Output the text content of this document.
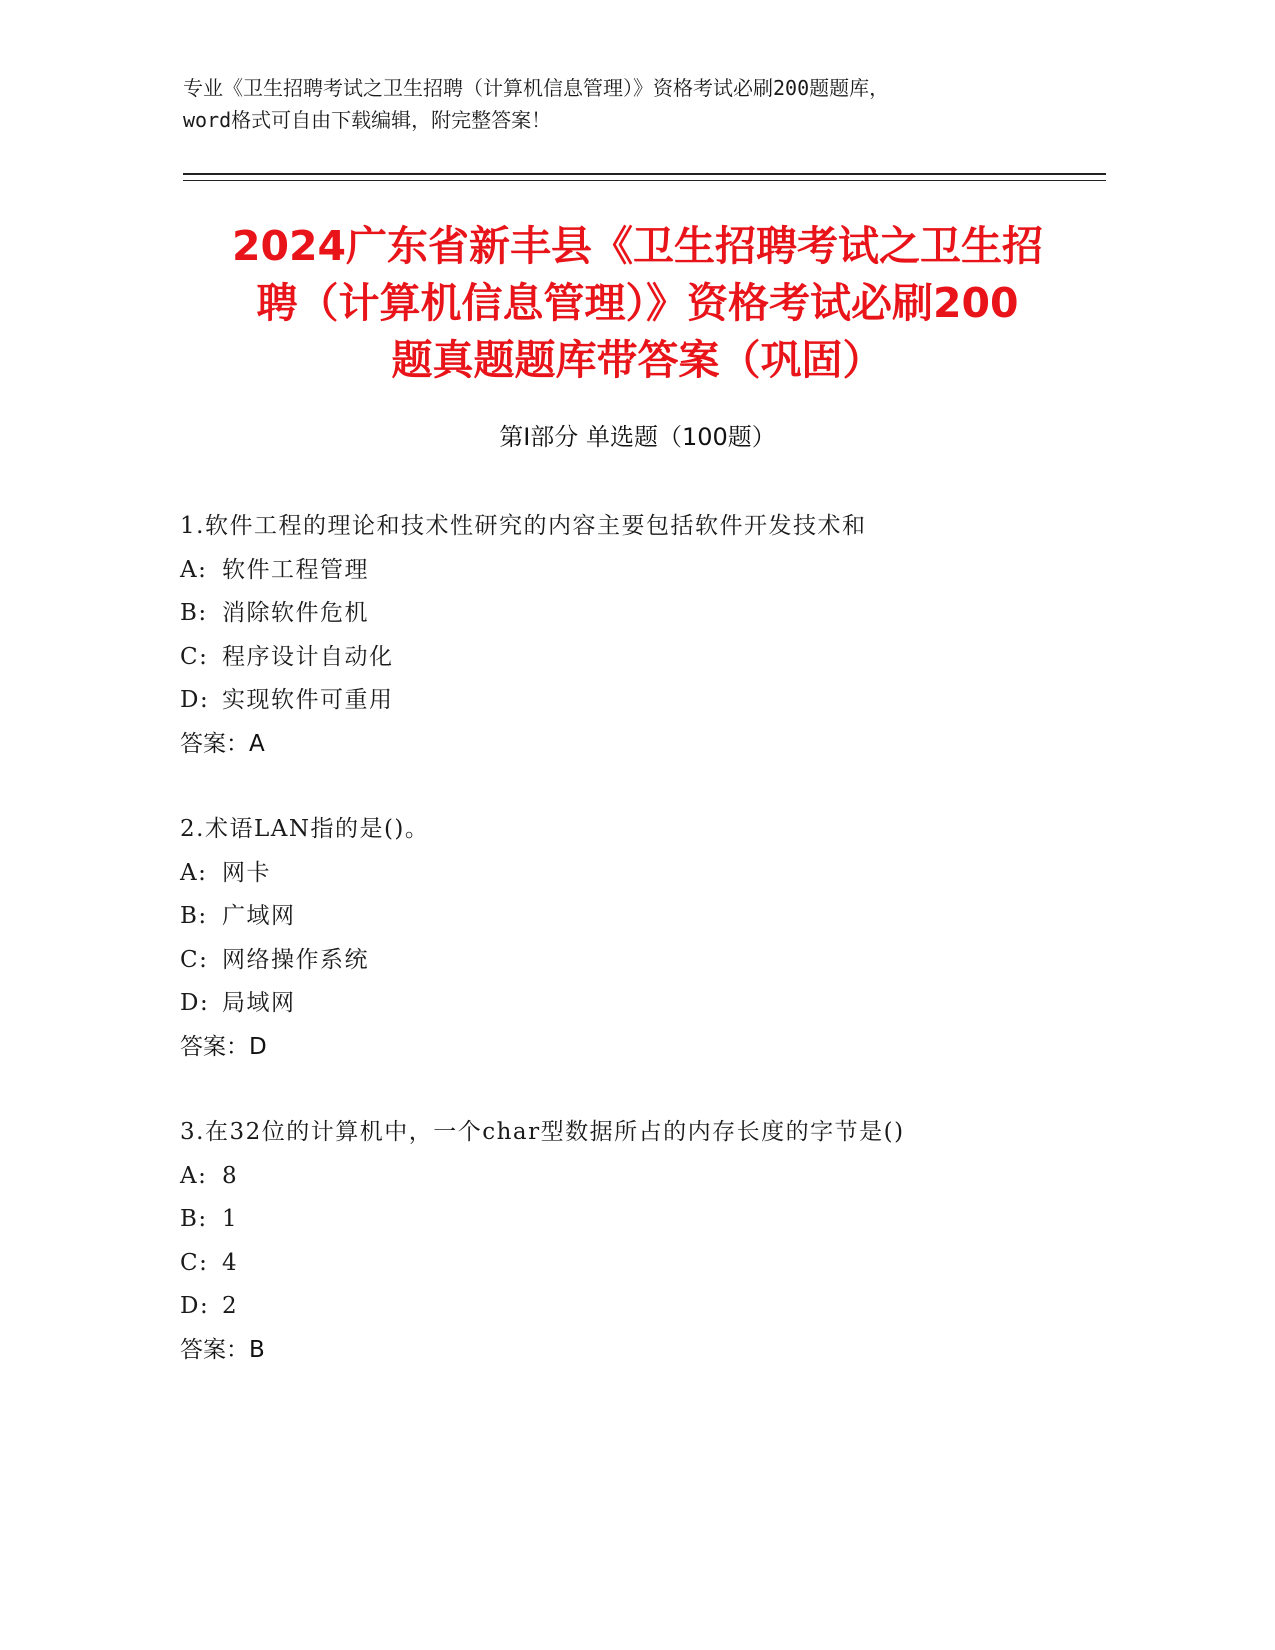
专业《卫生招聘考试之卫生招聘（计算机信息管理）》资格考试必刷200题题库，
word格式可自由下载编辑，附完整答案！
2024广东省新丰县《卫生招聘考试之卫生招
聘（计算机信息管理）》资格考试必刷200
题真题题库带答案（巩固）
第Ⅰ部分 单选题（100题）
1.软件工程的理论和技术性研究的内容主要包括软件开发技术和
A: 软件工程管理
B: 消除软件危机
C: 程序设计自动化
D: 实现软件可重用
答案：A
2.术语LAN指的是()。
A: 网卡
B: 广域网
C: 网络操作系统
D: 局域网
答案：D
3.在32位的计算机中，一个char型数据所占的内存长度的字节是()
A: 8
B: 1
C: 4
D: 2
答案：B
